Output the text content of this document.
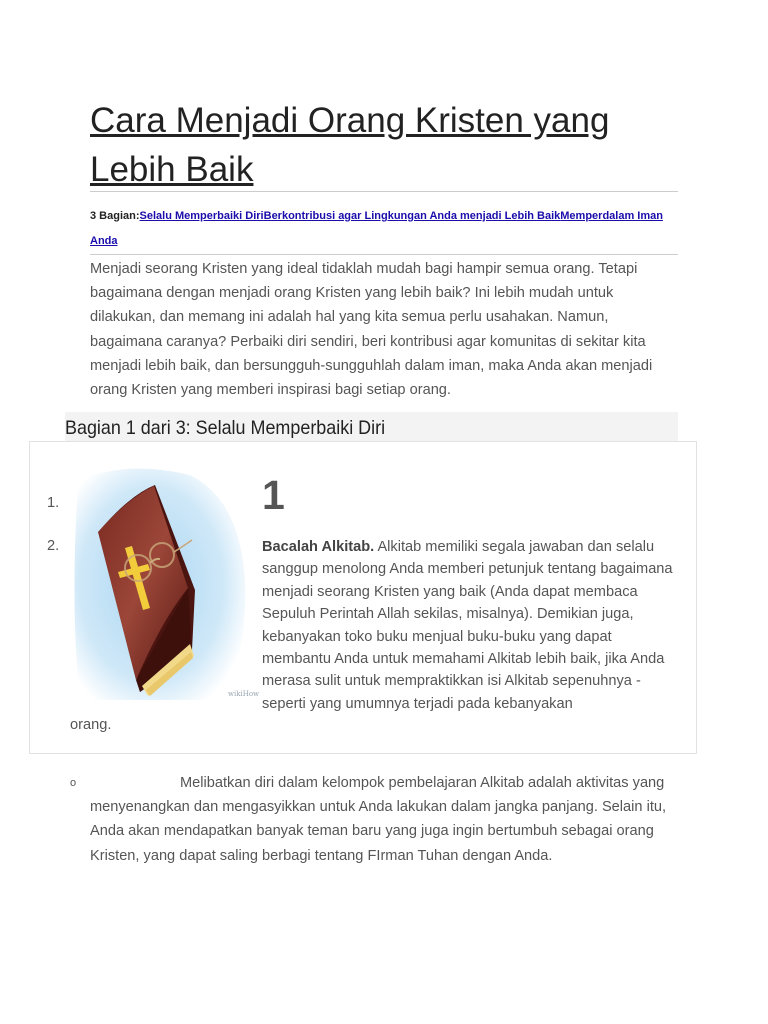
Cara Menjadi Orang Kristen yang Lebih Baik
3 Bagian:Selalu Memperbaiki DiriBerkontribusi agar Lingkungan Anda menjadi Lebih BaikMemperdalam Iman Anda

Menjadi seorang Kristen yang ideal tidaklah mudah bagi hampir semua orang. Tetapi bagaimana dengan menjadi orang Kristen yang lebih baik? Ini lebih mudah untuk dilakukan, dan memang ini adalah hal yang kita semua perlu usahakan. Namun, bagaimana caranya? Perbaiki diri sendiri, beri kontribusi agar komunitas di sekitar kita menjadi lebih baik, dan bersungguh-sungguhlah dalam iman, maka Anda akan menjadi orang Kristen yang memberi inspirasi bagi setiap orang.

Bagian 1 dari 3: Selalu Memperbaiki Diri
1.
2.
wikiHow
1
Bacalah Alkitab. Alkitab memiliki segala jawaban dan selalu sanggup menolong Anda memberi petunjuk tentang bagaimana menjadi seorang Kristen yang baik (Anda dapat membaca Sepuluh Perintah Allah sekilas, misalnya). Demikian juga, kebanyakan toko buku menjual buku-buku yang dapat membantu Anda untuk memahami Alkitab lebih baik, jika Anda merasa sulit untuk mempraktikkan isi Alkitab sepenuhnya - seperti yang umumnya terjadi pada kebanyakan
orang.
o	Melibatkan diri dalam kelompok pembelajaran Alkitab adalah aktivitas yang menyenangkan dan mengasyikkan untuk Anda lakukan dalam jangka panjang. Selain itu, Anda akan mendapatkan banyak teman baru yang juga ingin bertumbuh sebagai orang Kristen, yang dapat saling berbagi tentang FIrman Tuhan dengan Anda.
